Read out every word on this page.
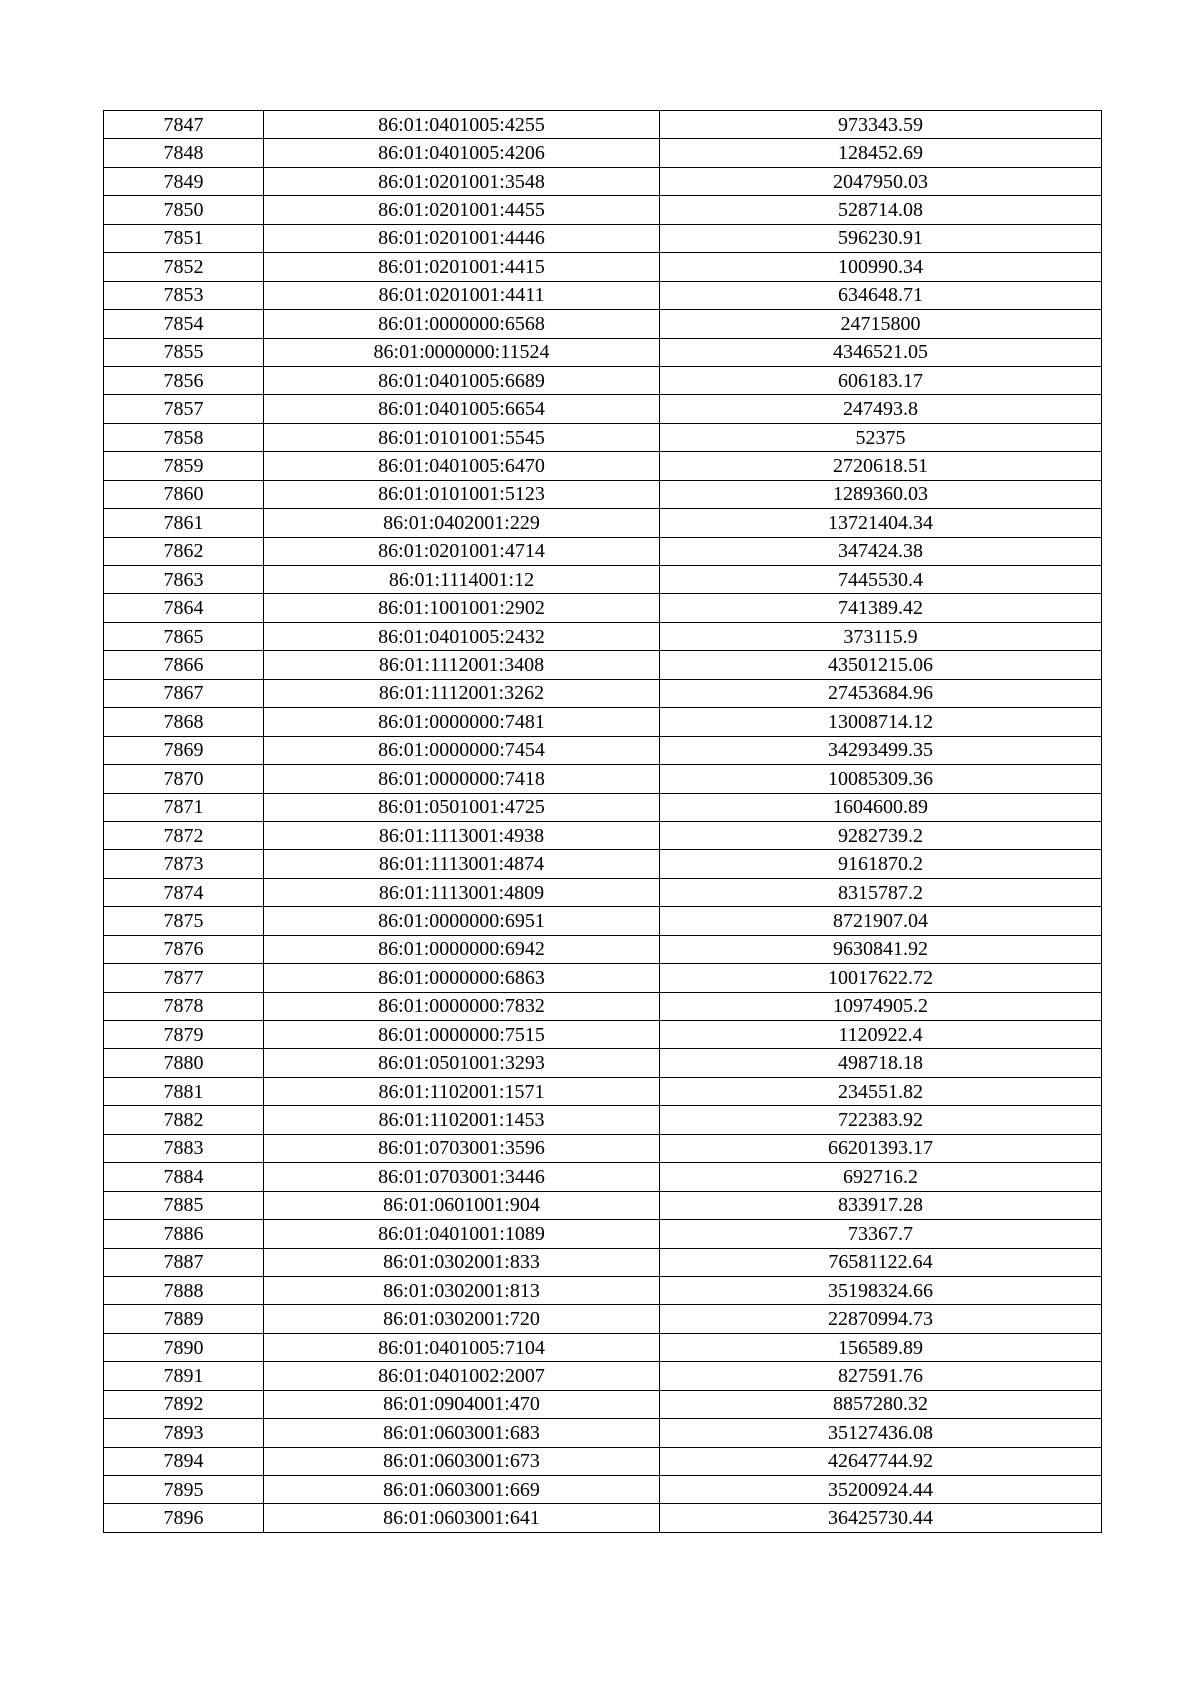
7847	86:01:0401005:4255	973343.59
7848	86:01:0401005:4206	128452.69
7849	86:01:0201001:3548	2047950.03
7850	86:01:0201001:4455	528714.08
7851	86:01:0201001:4446	596230.91
7852	86:01:0201001:4415	100990.34
7853	86:01:0201001:4411	634648.71
7854	86:01:0000000:6568	24715800
7855	86:01:0000000:11524	4346521.05
7856	86:01:0401005:6689	606183.17
7857	86:01:0401005:6654	247493.8
7858	86:01:0101001:5545	52375
7859	86:01:0401005:6470	2720618.51
7860	86:01:0101001:5123	1289360.03
7861	86:01:0402001:229	13721404.34
7862	86:01:0201001:4714	347424.38
7863	86:01:1114001:12	7445530.4
7864	86:01:1001001:2902	741389.42
7865	86:01:0401005:2432	373115.9
7866	86:01:1112001:3408	43501215.06
7867	86:01:1112001:3262	27453684.96
7868	86:01:0000000:7481	13008714.12
7869	86:01:0000000:7454	34293499.35
7870	86:01:0000000:7418	10085309.36
7871	86:01:0501001:4725	1604600.89
7872	86:01:1113001:4938	9282739.2
7873	86:01:1113001:4874	9161870.2
7874	86:01:1113001:4809	8315787.2
7875	86:01:0000000:6951	8721907.04
7876	86:01:0000000:6942	9630841.92
7877	86:01:0000000:6863	10017622.72
7878	86:01:0000000:7832	10974905.2
7879	86:01:0000000:7515	1120922.4
7880	86:01:0501001:3293	498718.18
7881	86:01:1102001:1571	234551.82
7882	86:01:1102001:1453	722383.92
7883	86:01:0703001:3596	66201393.17
7884	86:01:0703001:3446	692716.2
7885	86:01:0601001:904	833917.28
7886	86:01:0401001:1089	73367.7
7887	86:01:0302001:833	76581122.64
7888	86:01:0302001:813	35198324.66
7889	86:01:0302001:720	22870994.73
7890	86:01:0401005:7104	156589.89
7891	86:01:0401002:2007	827591.76
7892	86:01:0904001:470	8857280.32
7893	86:01:0603001:683	35127436.08
7894	86:01:0603001:673	42647744.92
7895	86:01:0603001:669	35200924.44
7896	86:01:0603001:641	36425730.44
